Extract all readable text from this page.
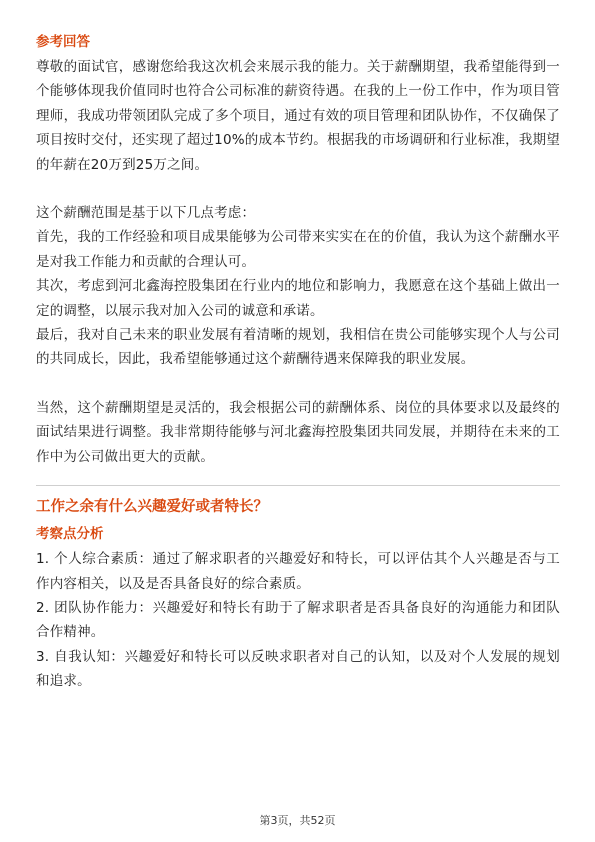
参考回答

尊敬的面试官，感谢您给我这次机会来展示我的能力。关于薪酬期望，我希望能得到一个能够体现我价值同时也符合公司标准的薪资待遇。在我的上一份工作中，作为项目管理师，我成功带领团队完成了多个项目，通过有效的项目管理和团队协作，不仅确保了项目按时交付，还实现了超过10%的成本节约。根据我的市场调研和行业标准，我期望的年薪在20万到25万之间。

这个薪酬范围是基于以下几点考虑：

首先，我的工作经验和项目成果能够为公司带来实实在在的价值，我认为这个薪酬水平是对我工作能力和贡献的合理认可。

其次，考虑到河北鑫海控股集团在行业内的地位和影响力，我愿意在这个基础上做出一定的调整，以展示我对加入公司的诚意和承诺。

最后，我对自己未来的职业发展有着清晰的规划，我相信在贵公司能够实现个人与公司的共同成长，因此，我希望能够通过这个薪酬待遇来保障我的职业发展。

当然，这个薪酬期望是灵活的，我会根据公司的薪酬体系、岗位的具体要求以及最终的面试结果进行调整。我非常期待能够与河北鑫海控股集团共同发展，并期待在未来的工作中为公司做出更大的贡献。

工作之余有什么兴趣爱好或者特长？
考察点分析

1. 个人综合素质：通过了解求职者的兴趣爱好和特长，可以评估其个人兴趣是否与工作内容相关，以及是否具备良好的综合素质。

2. 团队协作能力：兴趣爱好和特长有助于了解求职者是否具备良好的沟通能力和团队合作精神。

3. 自我认知：兴趣爱好和特长可以反映求职者对自己的认知，以及对个人发展的规划和追求。

第3页，共52页
